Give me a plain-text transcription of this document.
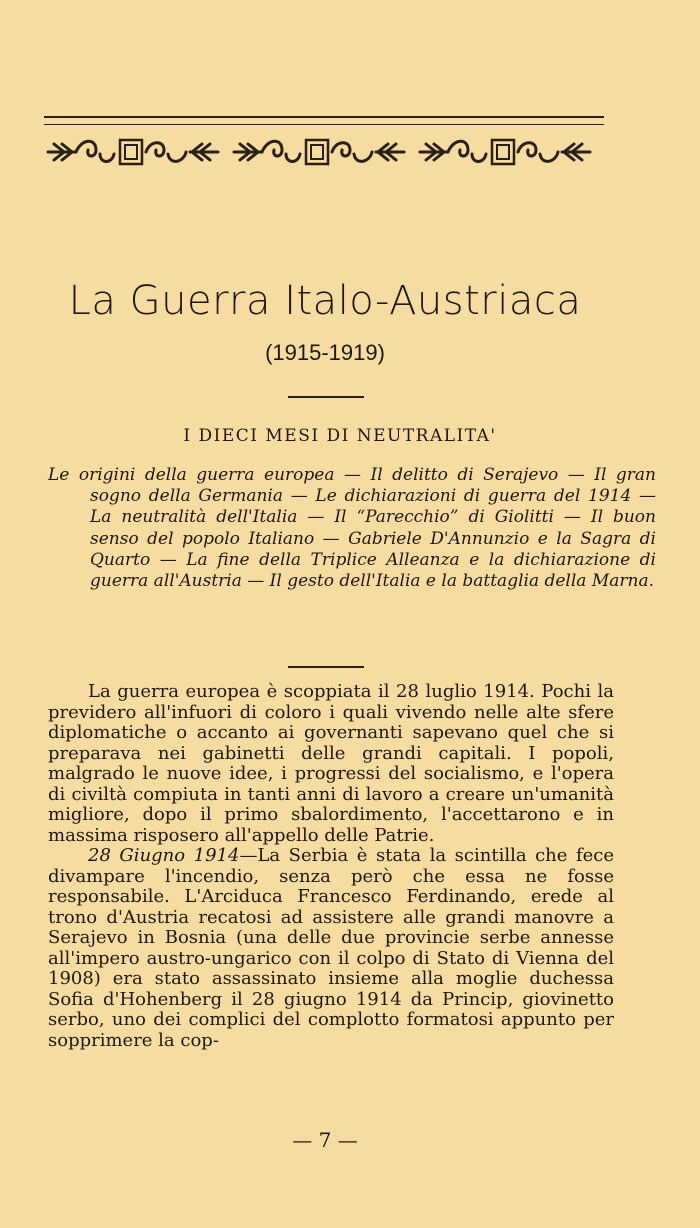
La Guerra Italo-Austriaca
(1915-1919)
I DIECI MESI DI NEUTRALITA'
Le origini della guerra europea — Il delitto di Serajevo — Il gran sogno della Germania — Le dichiarazioni di guerra del 1914 — La neutralità dell'Italia — Il “Parecchio” di Giolitti — Il buon senso del popolo Italiano — Gabriele D'Annunzio e la Sagra di Quarto — La fine della Triplice Alleanza e la dichiarazione di guerra all'Austria — Il gesto dell'Italia e la battaglia della Marna.

La guerra europea è scoppiata il 28 luglio 1914. Pochi la previdero all'infuori di coloro i quali vivendo nelle alte sfere diplomatiche o accanto ai governanti sapevano quel che si preparava nei gabinetti delle grandi capitali. I popoli, malgrado le nuove idee, i progressi del socialismo, e l'opera di civiltà compiuta in tanti anni di lavoro a creare un'umanità migliore, dopo il primo sbalordimento, l'accettarono e in massima risposero all'appello delle Patrie.

28 Giugno 1914—La Serbia è stata la scintilla che fece divampare l'incendio, senza però che essa ne fosse responsabile. L'Arciduca Francesco Ferdinando, erede al trono d'Austria recatosi ad assistere alle grandi manovre a Serajevo in Bosnia (una delle due provincie serbe annesse all'impero austro-ungarico con il colpo di Stato di Vienna del 1908) era stato assassinato insieme alla moglie duchessa Sofia d'Hohenberg il 28 giugno 1914 da Princip, giovinetto serbo, uno dei complici del complotto formatosi appunto per sopprimere la cop-

— 7 —
